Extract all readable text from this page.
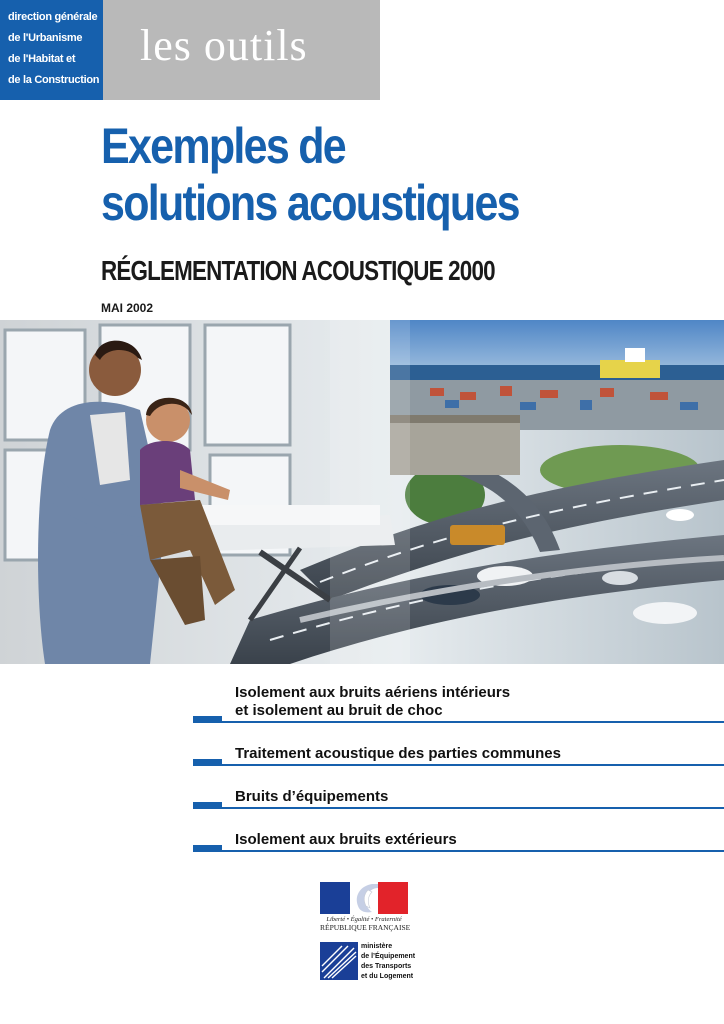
direction générale
de l'Urbanisme
de l'Habitat et
de la Construction
les outils
Exemples de
solutions acoustiques
RÉGLEMENTATION ACOUSTIQUE 2000
MAI 2002
Isolement aux bruits aériens intérieurs
et isolement au bruit de choc
Traitement acoustique des parties communes
Bruits d’équipements
Isolement aux bruits extérieurs
Liberté • Égalité • Fraternité
RÉPUBLIQUE FRANÇAISE
ministère
de l’Équipement
des Transports
et du Logement
